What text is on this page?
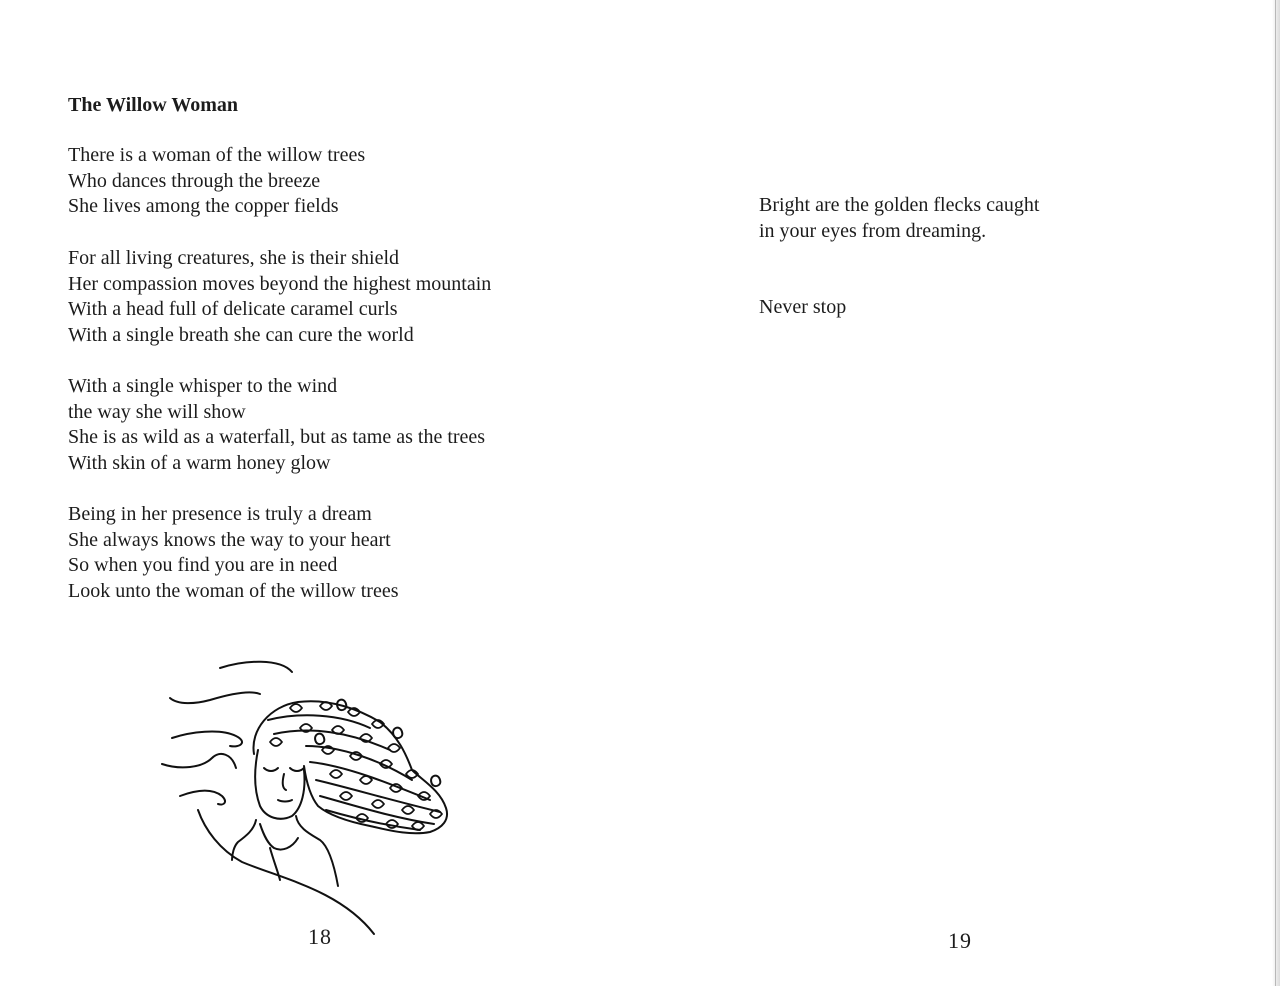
The Willow Woman
There is a woman of the willow trees
Who dances through the breeze
She lives among the copper fields
For all living creatures, she is their shield
Her compassion moves beyond the highest mountain
With a head full of delicate caramel curls
With a single breath she can cure the world
With a single whisper to the wind
the way she will show
She is as wild as a waterfall, but as tame as the trees
With skin of a warm honey glow
Being in her presence is truly a dream
She always knows the way to your heart
So when you find you are in need
Look unto the woman of the willow trees
18
Bright are the golden flecks caught
in your eyes from dreaming.
Never stop
19
